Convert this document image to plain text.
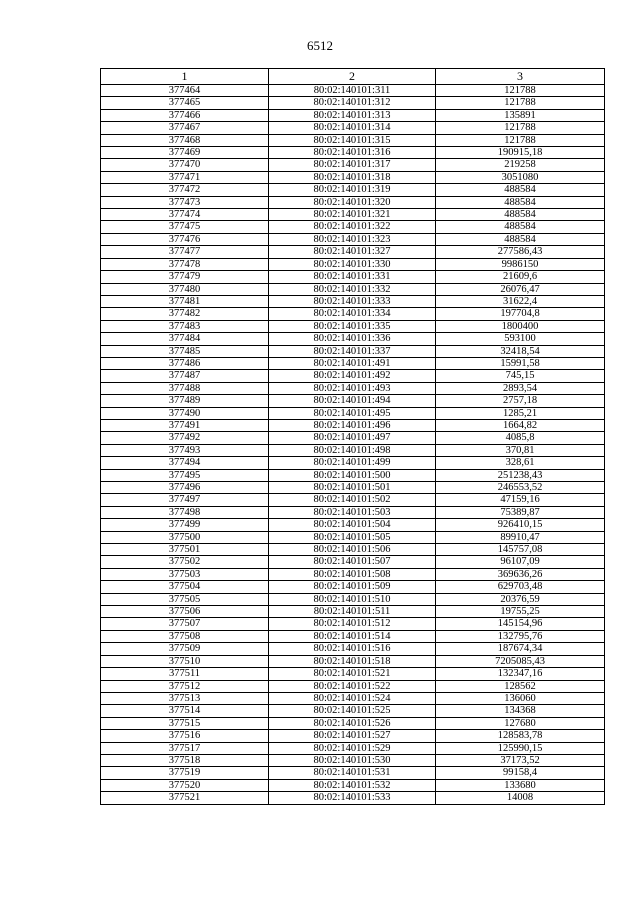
6512
1	2	3
377464	80:02:140101:311	121788
377465	80:02:140101:312	121788
377466	80:02:140101:313	135891
377467	80:02:140101:314	121788
377468	80:02:140101:315	121788
377469	80:02:140101:316	190915,18
377470	80:02:140101:317	219258
377471	80:02:140101:318	3051080
377472	80:02:140101:319	488584
377473	80:02:140101:320	488584
377474	80:02:140101:321	488584
377475	80:02:140101:322	488584
377476	80:02:140101:323	488584
377477	80:02:140101:327	277586,43
377478	80:02:140101:330	9986150
377479	80:02:140101:331	21609,6
377480	80:02:140101:332	26076,47
377481	80:02:140101:333	31622,4
377482	80:02:140101:334	197704,8
377483	80:02:140101:335	1800400
377484	80:02:140101:336	593100
377485	80:02:140101:337	32418,54
377486	80:02:140101:491	15991,58
377487	80:02:140101:492	745,15
377488	80:02:140101:493	2893,54
377489	80:02:140101:494	2757,18
377490	80:02:140101:495	1285,21
377491	80:02:140101:496	1664,82
377492	80:02:140101:497	4085,8
377493	80:02:140101:498	370,81
377494	80:02:140101:499	328,61
377495	80:02:140101:500	251238,43
377496	80:02:140101:501	246553,52
377497	80:02:140101:502	47159,16
377498	80:02:140101:503	75389,87
377499	80:02:140101:504	926410,15
377500	80:02:140101:505	89910,47
377501	80:02:140101:506	145757,08
377502	80:02:140101:507	96107,09
377503	80:02:140101:508	369636,26
377504	80:02:140101:509	629703,48
377505	80:02:140101:510	20376,59
377506	80:02:140101:511	19755,25
377507	80:02:140101:512	145154,96
377508	80:02:140101:514	132795,76
377509	80:02:140101:516	187674,34
377510	80:02:140101:518	7205085,43
377511	80:02:140101:521	132347,16
377512	80:02:140101:522	128562
377513	80:02:140101:524	136060
377514	80:02:140101:525	134368
377515	80:02:140101:526	127680
377516	80:02:140101:527	128583,78
377517	80:02:140101:529	125990,15
377518	80:02:140101:530	37173,52
377519	80:02:140101:531	99158,4
377520	80:02:140101:532	133680
377521	80:02:140101:533	14008
